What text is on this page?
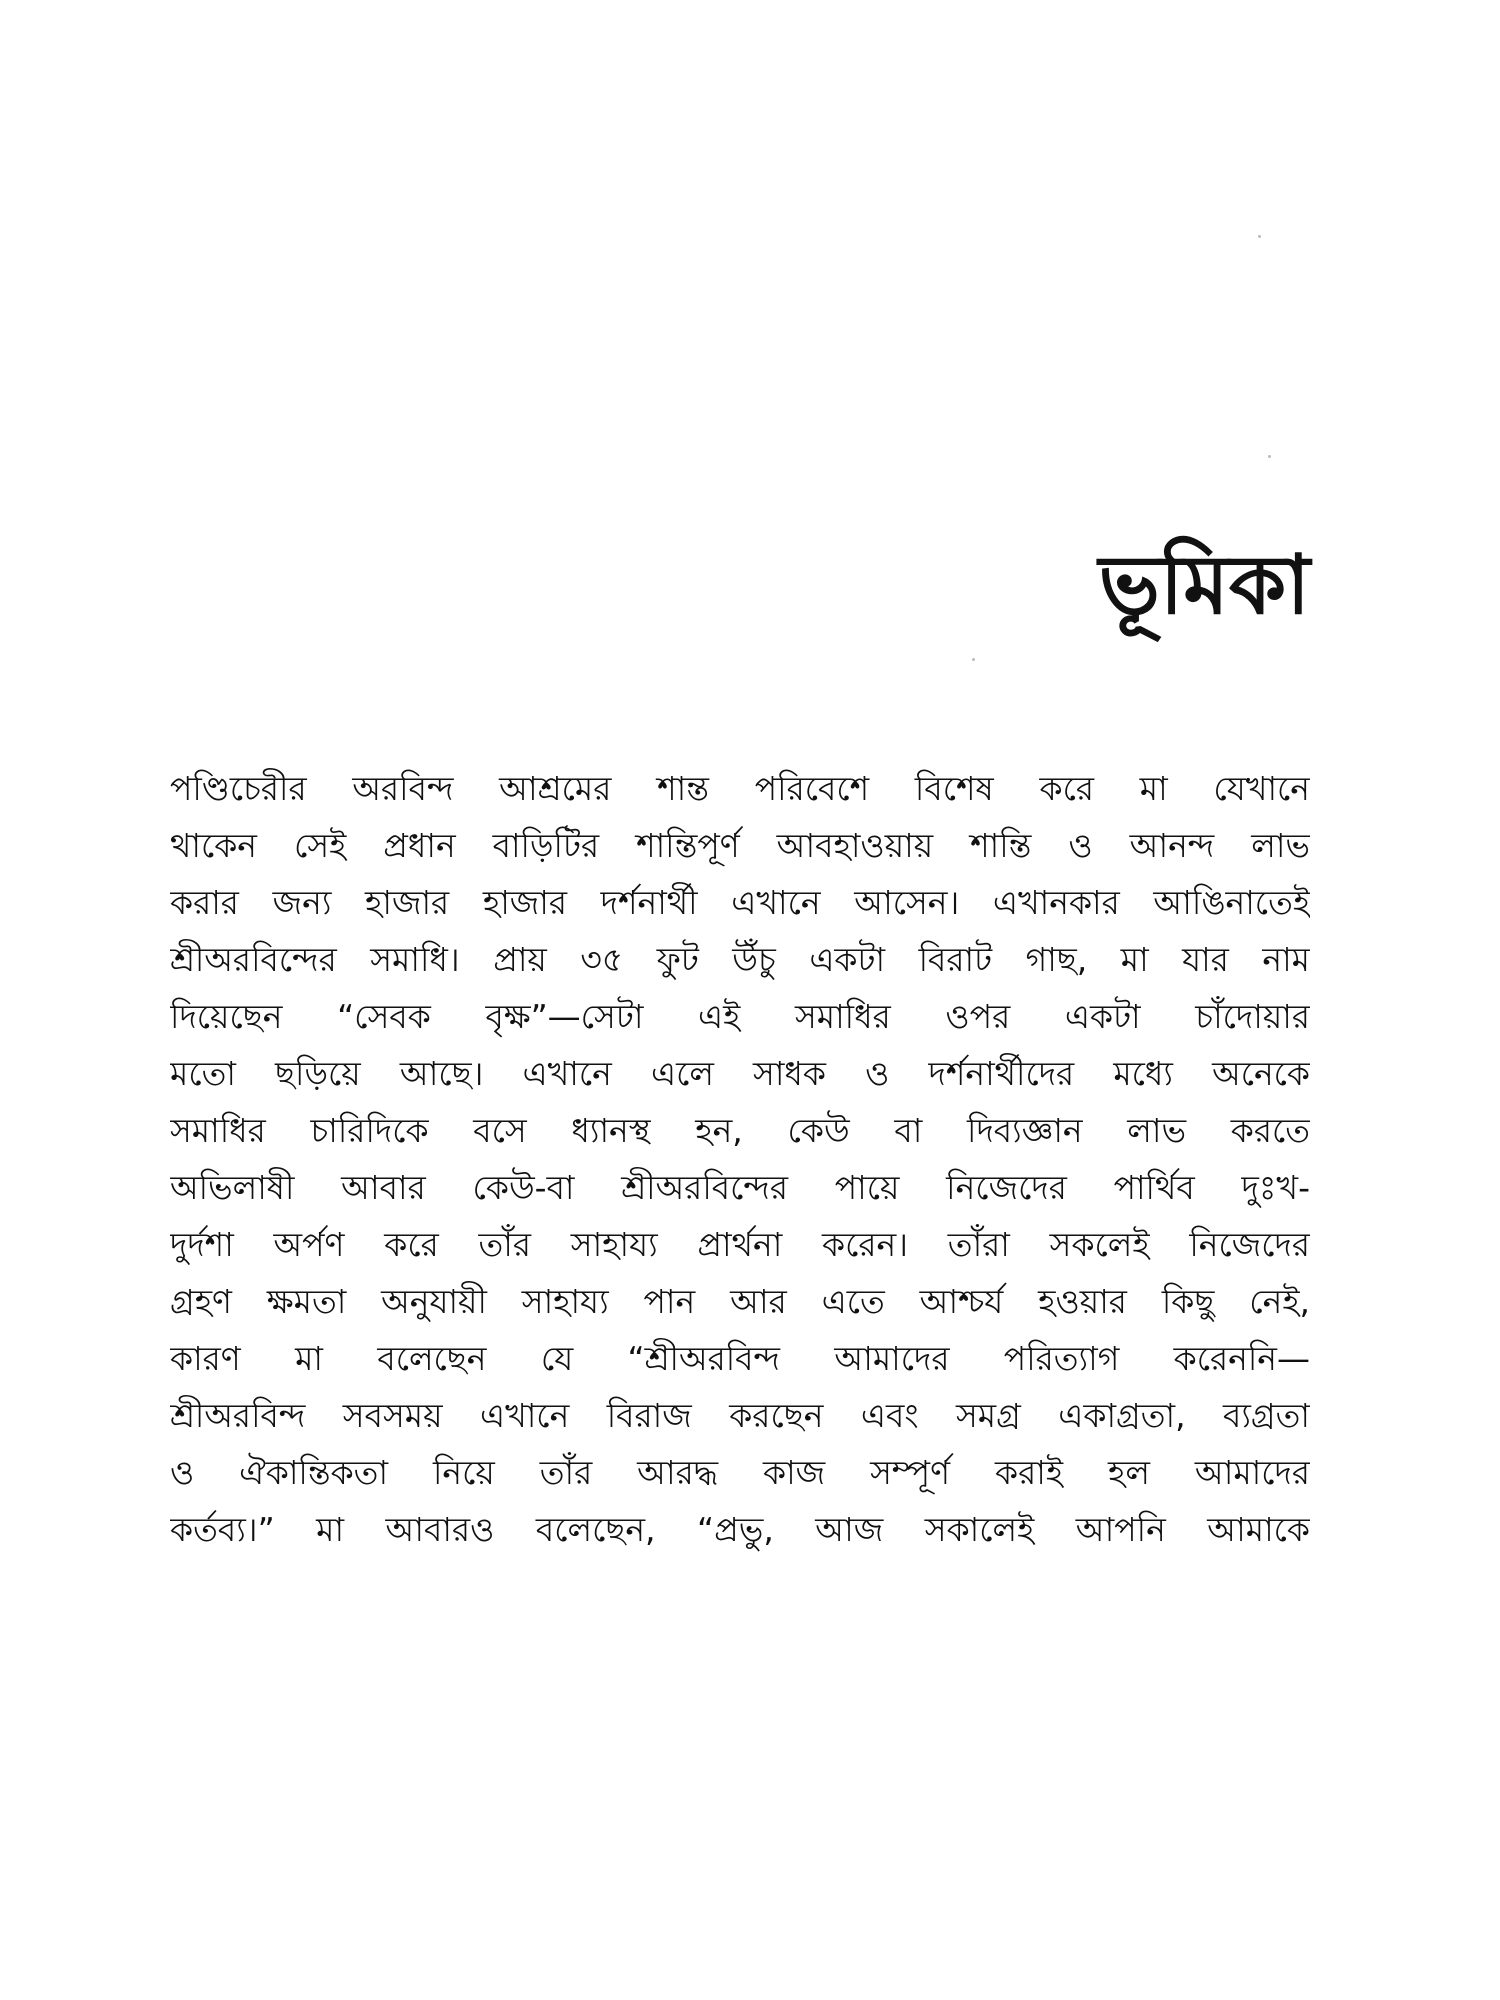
ভূমিকা
পণ্ডিচেরীর অরবিন্দ আশ্রমের শান্ত পরিবেশে বিশেষ করে মা যেখানে
থাকেন সেই প্রধান বাড়িটির শান্তিপূর্ণ আবহাওয়ায় শান্তি ও আনন্দ লাভ
করার জন্য হাজার হাজার দর্শনার্থী এখানে আসেন। এখানকার আঙিনাতেই
শ্রীঅরবিন্দের সমাধি। প্রায় ৩৫ ফুট উঁচু একটা বিরাট গাছ, মা যার নাম
দিয়েছেন “সেবক বৃক্ষ”—সেটা এই সমাধির ওপর একটা চাঁদোয়ার
মতো ছড়িয়ে আছে। এখানে এলে সাধক ও দর্শনার্থীদের মধ্যে অনেকে
সমাধির চারিদিকে বসে ধ্যানস্থ হন, কেউ বা দিব্যজ্ঞান লাভ করতে
অভিলাষী আবার কেউ-বা শ্রীঅরবিন্দের পায়ে নিজেদের পার্থিব দুঃখ-
দুর্দশা অর্পণ করে তাঁর সাহায্য প্রার্থনা করেন। তাঁরা সকলেই নিজেদের
গ্রহণ ক্ষমতা অনুযায়ী সাহায্য পান আর এতে আশ্চর্য হওয়ার কিছু নেই,
কারণ মা বলেছেন যে “শ্রীঅরবিন্দ আমাদের পরিত্যাগ করেননি—
শ্রীঅরবিন্দ সবসময় এখানে বিরাজ করছেন এবং সমগ্র একাগ্রতা, ব্যগ্রতা
ও ঐকান্তিকতা নিয়ে তাঁর আরদ্ধ কাজ সম্পূর্ণ করাই হল আমাদের
কর্তব্য।” মা আবারও বলেছেন, “প্রভু, আজ সকালেই আপনি আমাকে
